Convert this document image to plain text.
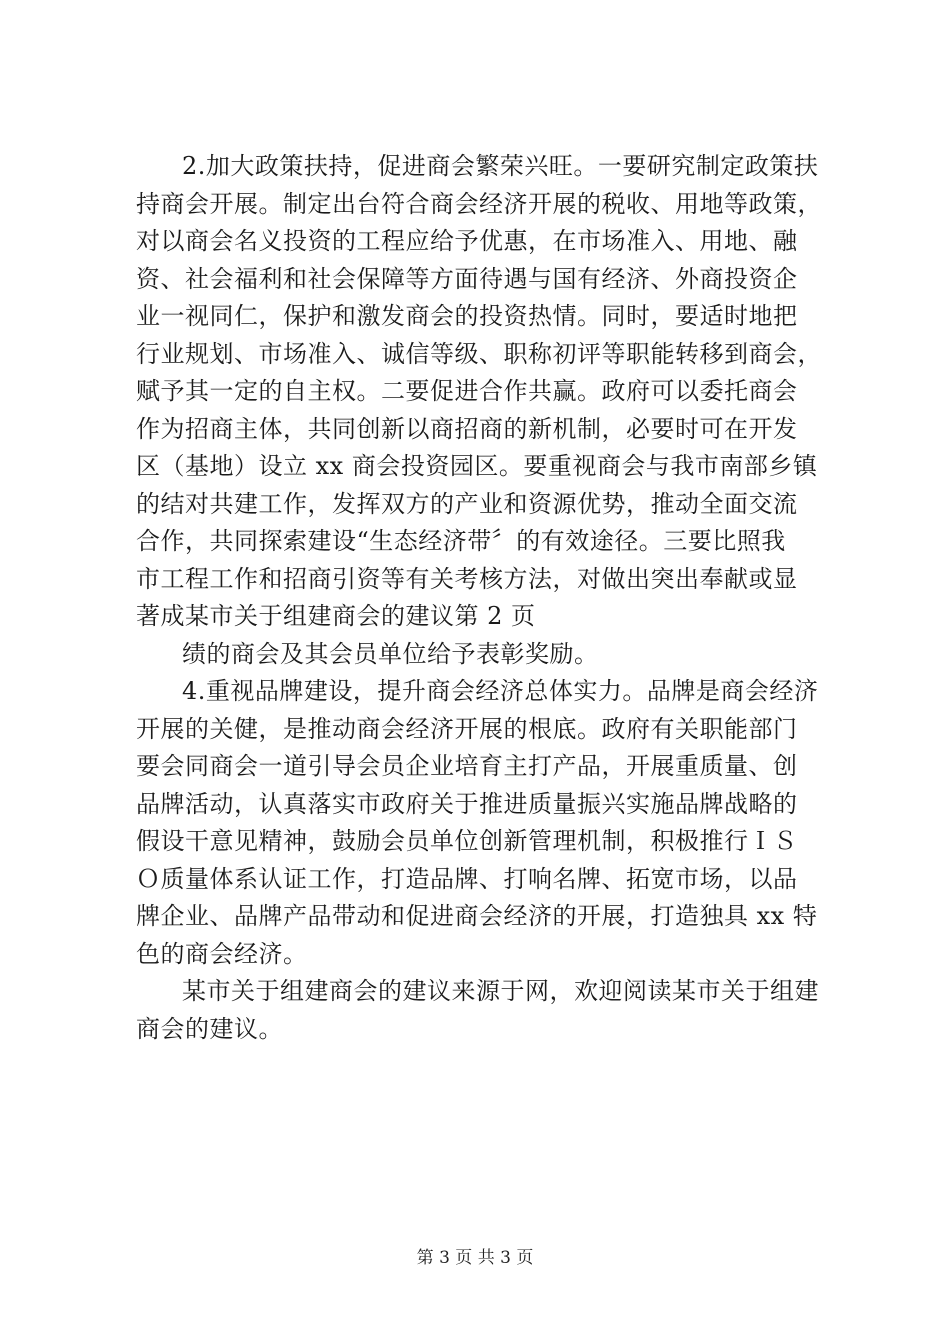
2.加大政策扶持，促进商会繁荣兴旺。一要研究制定政策扶
持商会开展。制定出台符合商会经济开展的税收、用地等政策，
对以商会名义投资的工程应给予优惠，在市场准入、用地、融
资、社会福利和社会保障等方面待遇与国有经济、外商投资企
业一视同仁，保护和激发商会的投资热情。同时，要适时地把
行业规划、市场准入、诚信等级、职称初评等职能转移到商会，
赋予其一定的自主权。二要促进合作共赢。政府可以委托商会
作为招商主体，共同创新以商招商的新机制，必要时可在开发
区（基地）设立 xx 商会投资园区。要重视商会与我市南部乡镇
的结对共建工作，发挥双方的产业和资源优势，推动全面交流
合作，共同探索建设“生态经济带〞的有效途径。三要比照我
市工程工作和招商引资等有关考核方法，对做出突出奉献或显
著成某市关于组建商会的建议第 2 页
绩的商会及其会员单位给予表彰奖励。
4.重视品牌建设，提升商会经济总体实力。品牌是商会经济
开展的关健，是推动商会经济开展的根底。政府有关职能部门
要会同商会一道引导会员企业培育主打产品，开展重质量、创
品牌活动，认真落实市政府关于推进质量振兴实施品牌战略的
假设干意见精神，鼓励会员单位创新管理机制，积极推行ＩＳ
Ｏ质量体系认证工作，打造品牌、打响名牌、拓宽市场，以品
牌企业、品牌产品带动和促进商会经济的开展，打造独具 xx 特
色的商会经济。
某市关于组建商会的建议来源于网，欢迎阅读某市关于组建
商会的建议。
第 3 页 共 3 页
